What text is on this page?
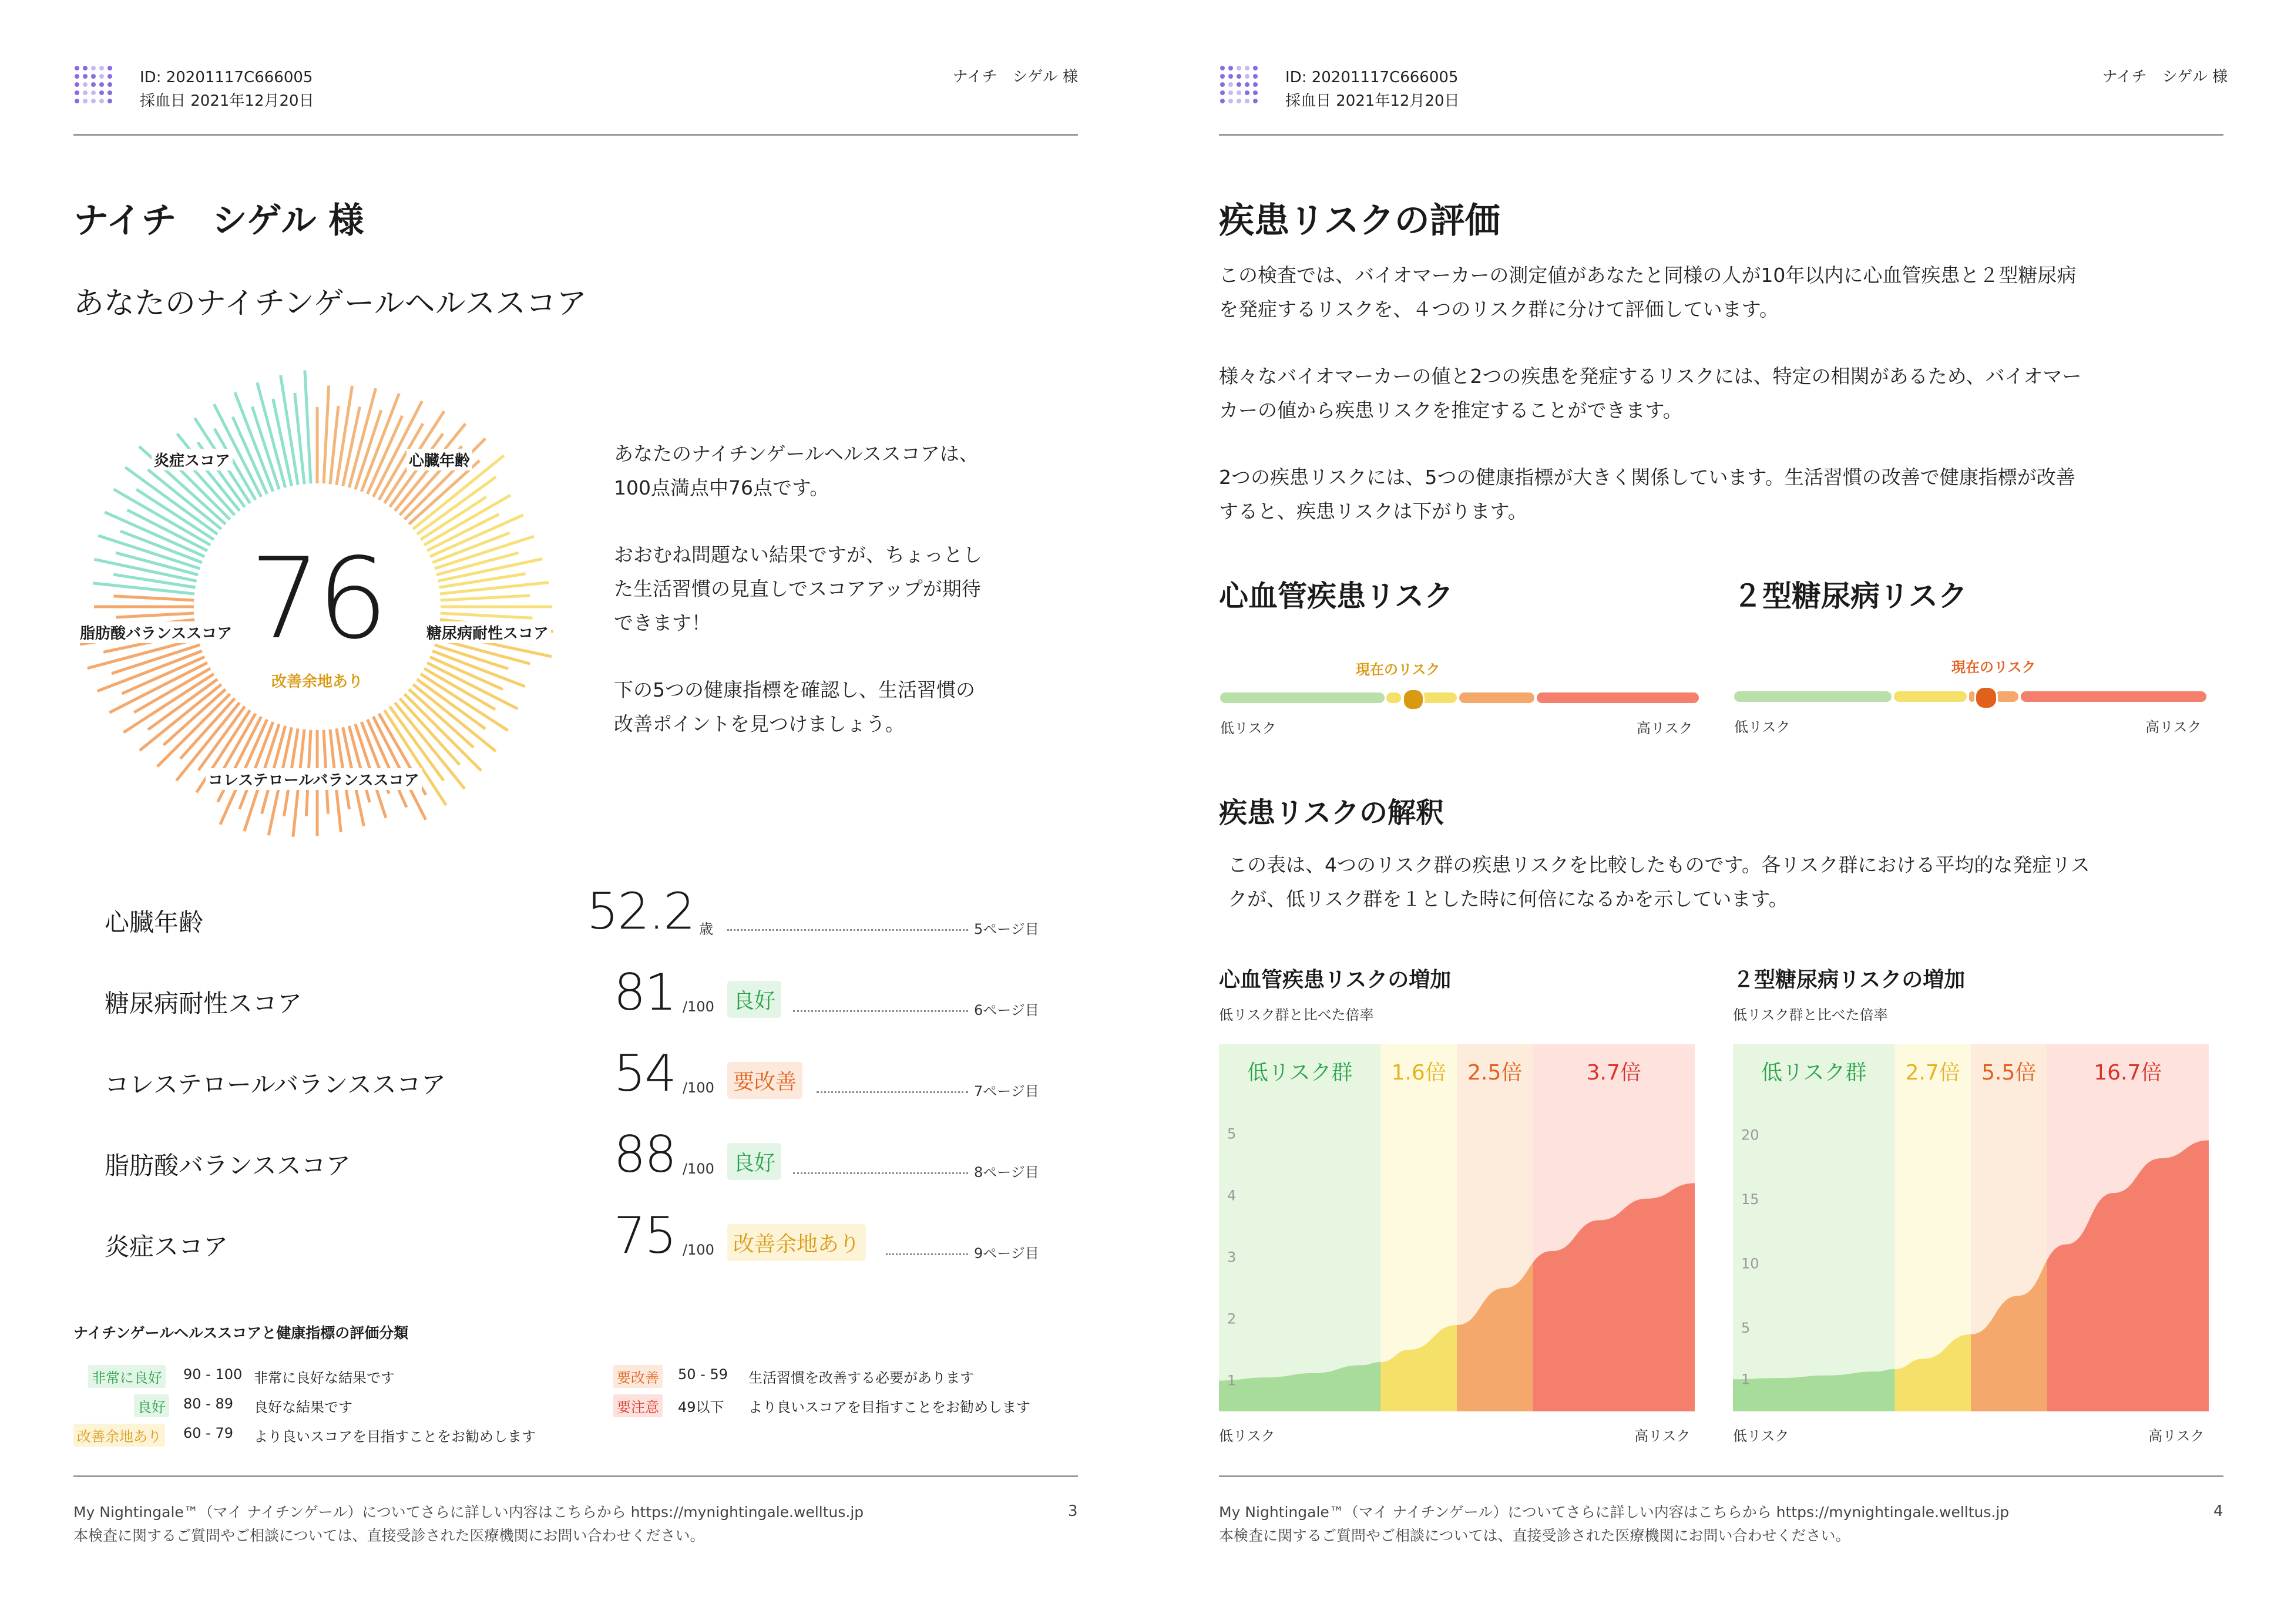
ID: 20201117C666005
採血日 2021年12月20日
ナイチ　シゲル 様
ナイチ　シゲル 様
あなたのナイチンゲールヘルススコア
76
改善余地あり
炎症スコア	心臓年齢
脂肪酸バランススコア	糖尿病耐性スコア
コレステロールバランススコア
あなたのナイチンゲールヘルススコアは、
100点満点中76点です。
おおむね問題ない結果ですが、ちょっとし
た生活習慣の見直しでスコアアップが期待
できます！
下の5つの健康指標を確認し、生活習慣の
改善ポイントを見つけましょう。
心臓年齢	52.2 歳	5ページ目
糖尿病耐性スコア	81 /100 良好	6ページ目
コレステロールバランススコア	54 /100 要改善	7ページ目
脂肪酸バランススコア	88 /100 良好	8ページ目
炎症スコア	75 /100 改善余地あり	9ページ目
ナイチンゲールヘルススコアと健康指標の評価分類
非常に良好 90 - 100 非常に良好な結果です
良好 80 - 89 良好な結果です
改善余地あり 60 - 79 より良いスコアを目指すことをお勧めします
要改善 50 - 59 生活習慣を改善する必要があります
要注意 49以下 より良いスコアを目指すことをお勧めします
My Nightingale™（マイ ナイチンゲール）についてさらに詳しい内容はこちらから https://mynightingale.welltus.jp
本検査に関するご質問やご相談については、直接受診された医療機関にお問い合わせください。
3
ID: 20201117C666005
採血日 2021年12月20日
ナイチ　シゲル 様
疾患リスクの評価
この検査では、バイオマーカーの測定値があなたと同様の人が10年以内に心血管疾患と２型糖尿病
を発症するリスクを、４つのリスク群に分けて評価しています。
様々なバイオマーカーの値と2つの疾患を発症するリスクには、特定の相関があるため、バイオマー
カーの値から疾患リスクを推定することができます。
2つの疾患リスクには、5つの健康指標が大きく関係しています。生活習慣の改善で健康指標が改善
すると、疾患リスクは下がります。
心血管疾患リスク
現在のリスク
低リスク	高リスク
２型糖尿病リスク
現在のリスク
低リスク	高リスク
疾患リスクの解釈
この表は、4つのリスク群の疾患リスクを比較したものです。各リスク群における平均的な発症リス
クが、低リスク群を１とした時に何倍になるかを示しています。
心血管疾患リスクの増加
低リスク群と比べた倍率
低リスク群 1.6倍 2.5倍	3.7倍
1
2
3
4
5
低リスク	高リスク
２型糖尿病リスクの増加
低リスク群と比べた倍率
低リスク群 2.7倍 5.5倍	16.7倍
1
5
10
15
20
低リスク	高リスク
My Nightingale™（マイ ナイチンゲール）についてさらに詳しい内容はこちらから https://mynightingale.welltus.jp
本検査に関するご質問やご相談については、直接受診された医療機関にお問い合わせください。
4
